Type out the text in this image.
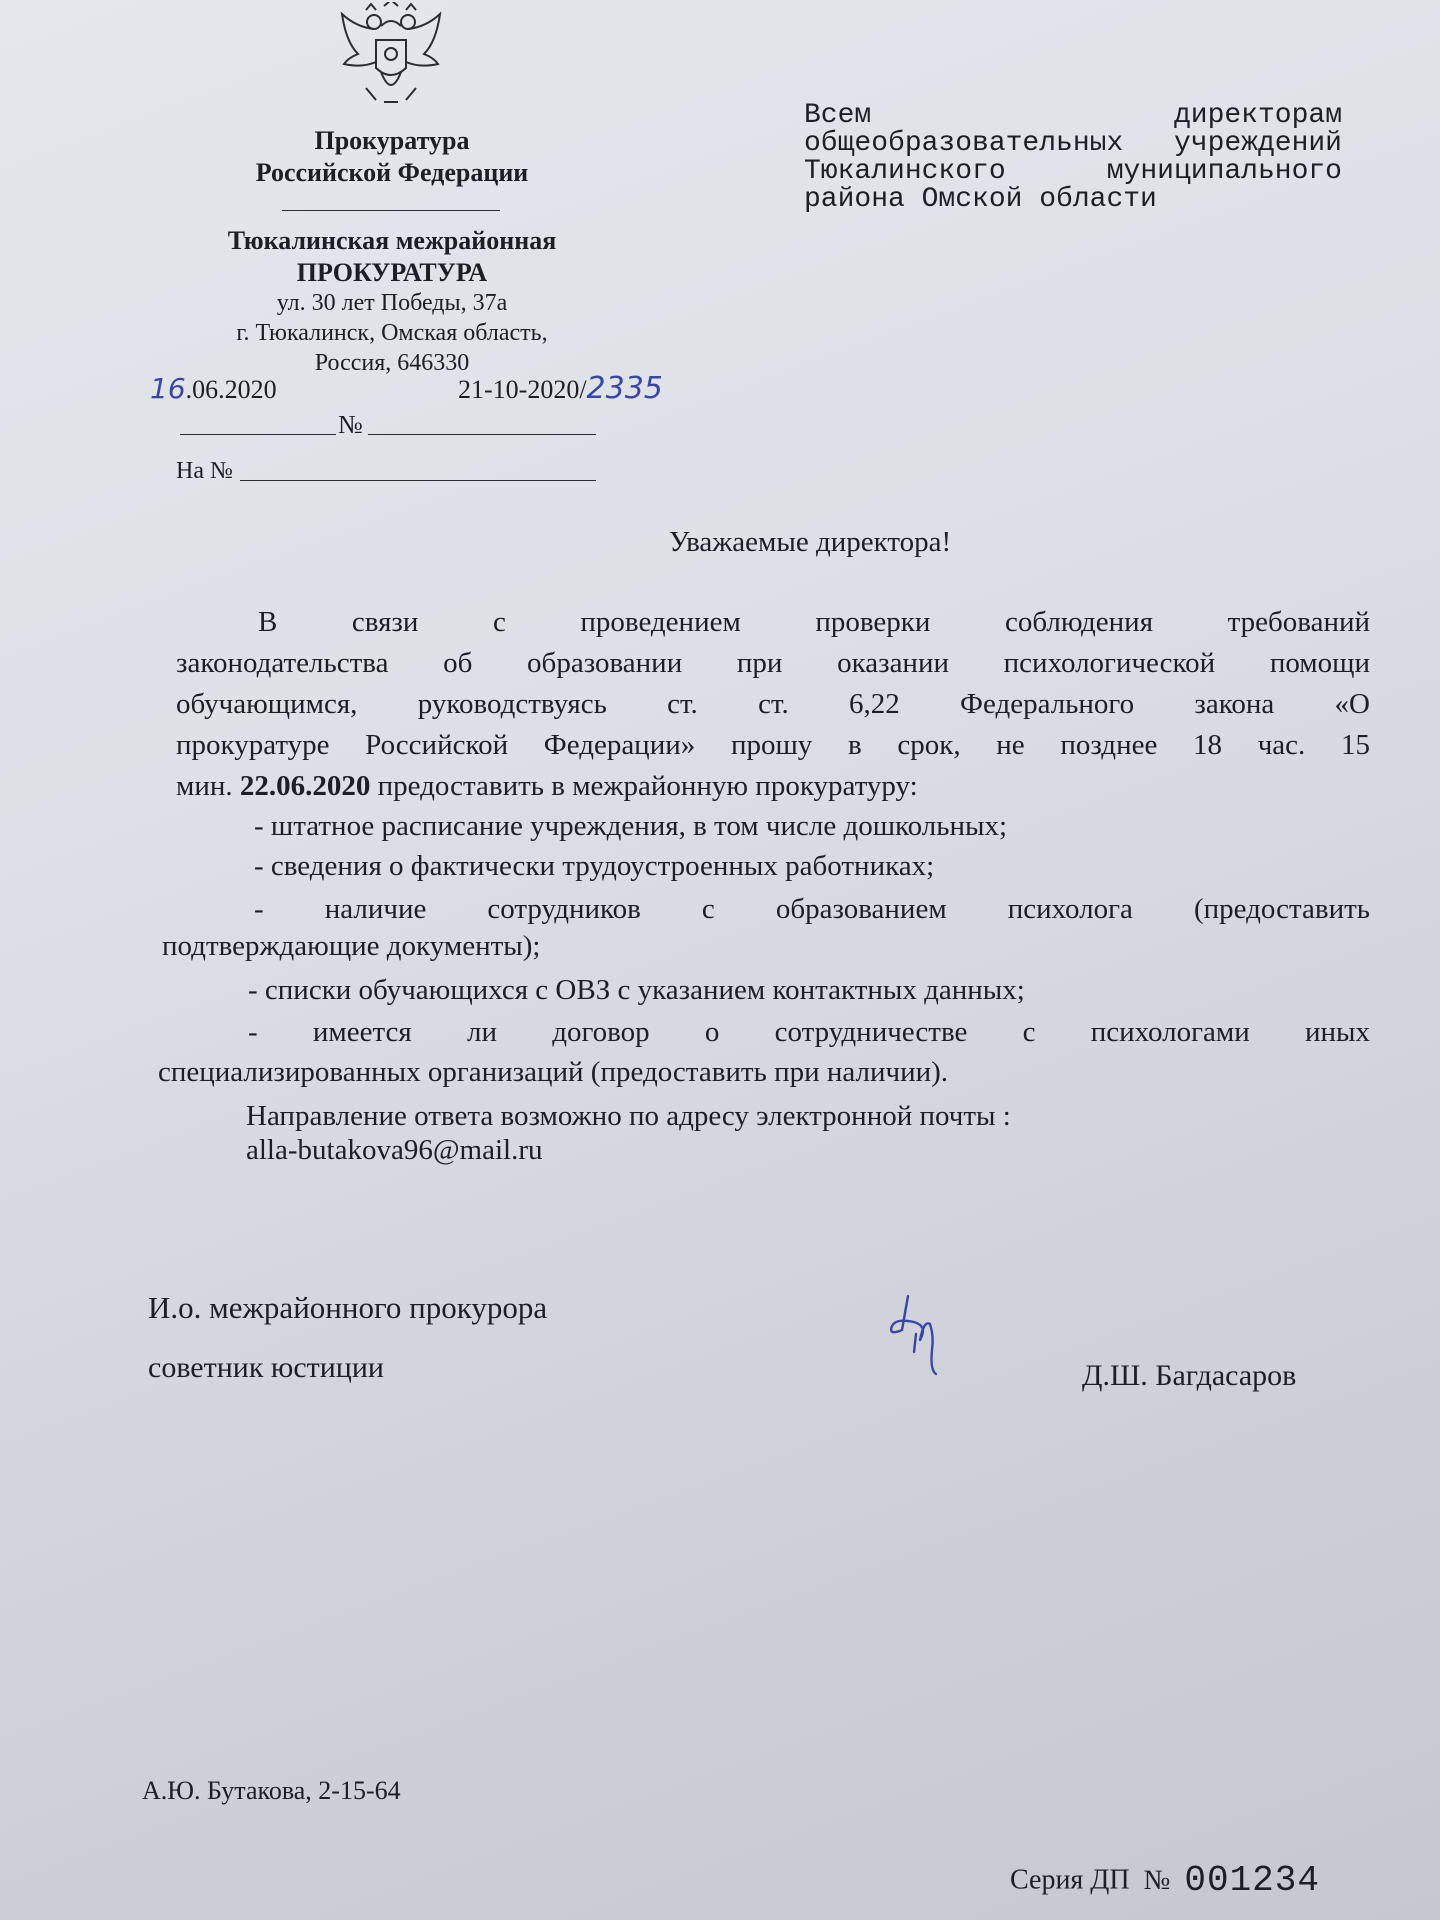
Прокуратура
Российской Федерации
Тюкалинская межрайонная
ПРОКУРАТУРА
ул. 30 лет Победы, 37а
г. Тюкалинск, Омская область,
Россия, 646330
16.06.2020	21-10-2020/2335
№
На №
Всем	директорам
общеобразовательных учреждений
Тюкалинского	муниципального
района Омской области
Уважаемые директора!
В связи с проведением проверки соблюдения требований
законодательства об образовании при оказании психологической помощи
обучающимся, руководствуясь ст. ст. 6,22 Федерального закона «О
прокуратуре Российской Федерации» прошу в срок, не позднее 18 час. 15
мин. 22.06.2020 предоставить в межрайонную прокуратуру:
- штатное расписание учреждения, в том числе дошкольных;
- сведения о фактически трудоустроенных работниках;
- наличие сотрудников с образованием психолога (предоставить
подтверждающие документы);
- списки обучающихся с ОВЗ с указанием контактных данных;
- имеется ли договор о сотрудничестве с психологами иных
специализированных организаций (предоставить при наличии).
Направление ответа возможно по адресу электронной почты :
alla-butakova96@mail.ru
И.о. межрайонного прокурора
советник юстиции	Д.Ш. Багдасаров
А.Ю. Бутакова, 2-15-64
Серия ДП № 001234
